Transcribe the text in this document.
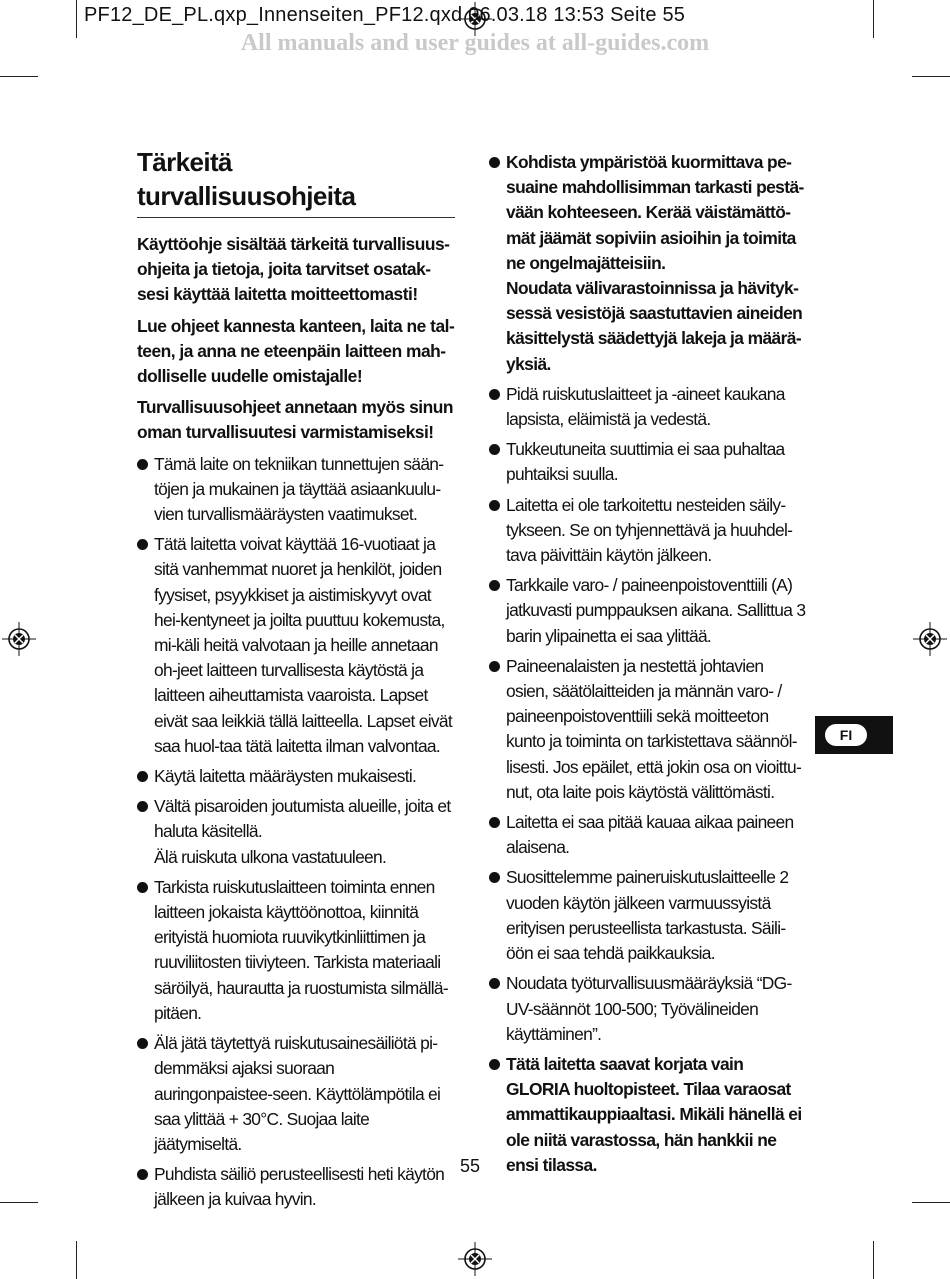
PF12_DE_PL.qxp_Innenseiten_PF12.qxd 06.03.18 13:53 Seite 55
All manuals and user guides at all-guides.com
Tärkeitä turvallisuusohjeita

Käyttöohje sisältää tärkeitä turvallisuus-ohjeita ja tietoja, joita tarvitset osatak-sesi käyttää laitetta moitteettomasti!

Lue ohjeet kannesta kanteen, laita ne tal-teen, ja anna ne eteenpäin laitteen mah-dolliselle uudelle omistajalle!

Turvallisuusohjeet annetaan myös sinun oman turvallisuutesi varmistamiseksi!

Tämä laite on tekniikan tunnettujen sään-töjen ja mukainen ja täyttää asiaankuulu-vien turvallismääräysten vaatimukset.
Tätä laitetta voivat käyttää 16-vuotiaat ja sitä vanhemmat nuoret ja henkilöt, joiden fyysiset, psyykkiset ja aistimiskyvyt ovat hei-kentyneet ja joilta puuttuu kokemusta, mi-käli heitä valvotaan ja heille annetaan oh-jeet laitteen turvallisesta käytöstä ja laitteen aiheuttamista vaaroista. Lapset eivät saa leikkiä tällä laitteella. Lapset eivät saa huol-taa tätä laitetta ilman valvontaa.
Käytä laitetta määräysten mukaisesti.
Vältä pisaroiden joutumista alueille, joita et haluta käsitellä.
Älä ruiskuta ulkona vastatuuleen.
Tarkista ruiskutuslaitteen toiminta ennen laitteen jokaista käyttöönottoa, kiinnitä erityistä huomiota ruuvikytkinliittimen ja ruuviliitosten tiiviyteen. Tarkista materiaali säröilyä, haurautta ja ruostumista silmällä-pitäen.
Älä jätä täytettyä ruiskutusainesäiliötä pi-demmäksi ajaksi suoraan auringonpaistee-seen. Käyttölämpötila ei saa ylittää + 30°C. Suojaa laite jäätymiseltä.
Puhdista säiliö perusteellisesti heti käytön jälkeen ja kuivaa hyvin.
Kohdista ympäristöä kuormittava pe-suaine mahdollisimman tarkasti pestä-vään kohteeseen. Kerää väistämättö-mät jäämät sopiviin asioihin ja toimita ne ongelmajätteisiin.
Noudata välivarastoinnissa ja hävityk-sessä vesistöjä saastuttavien aineiden käsittelystä säädettyjä lakeja ja määrä-yksiä.
Pidä ruiskutuslaitteet ja -aineet kaukana lapsista, eläimistä ja vedestä.
Tukkeutuneita suuttimia ei saa puhaltaa puhtaiksi suulla.
Laitetta ei ole tarkoitettu nesteiden säily-tykseen. Se on tyhjennettävä ja huuhdel-tava päivittäin käytön jälkeen.
Tarkkaile varo- / paineenpoistoventtiili (A) jatkuvasti pumppauksen aikana. Sallittua 3 barin ylipainetta ei saa ylittää.
Paineenalaisten ja nestettä johtavien osien, säätölaitteiden ja männän varo- / paineenpoistoventtiili sekä moitteeton kunto ja toiminta on tarkistettava säännöl-lisesti. Jos epäilet, että jokin osa on vioittu-nut, ota laite pois käytöstä välittömästi.
Laitetta ei saa pitää kauaa aikaa paineen alaisena.
Suosittelemme paineruiskutuslaitteelle 2 vuoden käytön jälkeen varmuussyistä erityisen perusteellista tarkastusta. Säili-öön ei saa tehdä paikkauksia.
Noudata työturvallisuusmääräyksiä “DG-UV-säännöt 100-500; Työvälineiden käyttäminen”.
Tätä laitetta saavat korjata vain GLORIA huoltopisteet. Tilaa varaosat ammattikauppiaaltasi. Mikäli hänellä ei ole niitä varastossa, hän hankkii ne ensi tilassa.
FI
55
